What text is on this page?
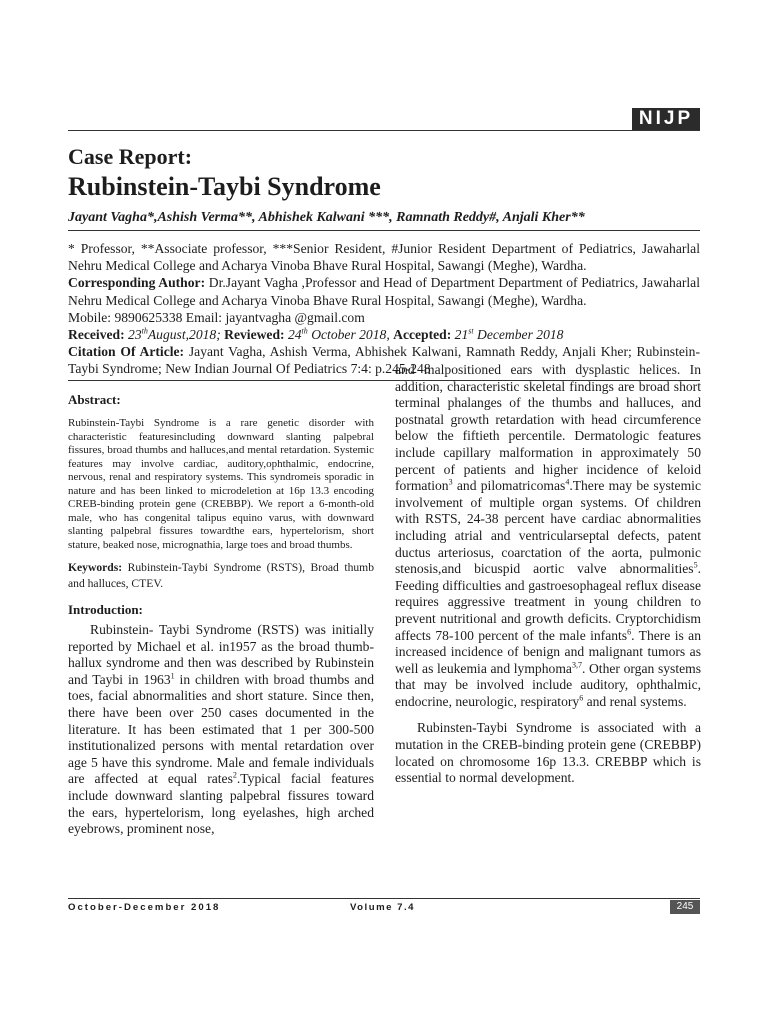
NIJP
Case Report:
Rubinstein-Taybi Syndrome
Jayant Vagha*,Ashish Verma**, Abhishek Kalwani ***, Ramnath Reddy#, Anjali Kher**

* Professor, **Associate professor, ***Senior Resident, #Junior Resident Department of Pediatrics, Jawaharlal Nehru Medical College and Acharya Vinoba Bhave Rural Hospital, Sawangi (Meghe), Wardha.

Corresponding Author: Dr.Jayant Vagha ,Professor and Head of Department Department of Pediatrics, Jawaharlal Nehru Medical College and Acharya Vinoba Bhave Rural Hospital, Sawangi (Meghe), Wardha.

Mobile: 9890625338 Email: jayantvagha @gmail.com

Received: 23thAugust,2018; Reviewed: 24th October 2018, Accepted: 21st December 2018

Citation Of Article: Jayant Vagha, Ashish Verma, Abhishek Kalwani, Ramnath Reddy, Anjali Kher; Rubinstein-Taybi Syndrome; New Indian Journal Of Pediatrics 7:4: p.245-248

Abstract:
Rubinstein-Taybi Syndrome is a rare genetic disorder with characteristic featuresincluding downward slanting palpebral fissures, broad thumbs and halluces,and mental retardation. Systemic features may involve cardiac, auditory,ophthalmic, endocrine, nervous, renal and respiratory systems. This syndromeis sporadic in nature and has been linked to microdeletion at 16p 13.3 encoding CREB-binding protein gene (CREBBP). We report a 6-month-old male, who has congenital talipus equino varus, with downward slanting palpebral fissures towardthe ears, hypertelorism, short stature, beaked nose, micrognathia, large toes and broad thumbs.
Keywords: Rubinstein-Taybi Syndrome (RSTS), Broad thumb and halluces, CTEV.
Introduction:
Rubinstein- Taybi Syndrome (RSTS) was initially reported by Michael et al. in1957 as the broad thumb-hallux syndrome and then was described by Rubinstein and Taybi in 1963$^1$ in children with broad thumbs and toes, facial abnormalities and short stature. Since then, there have been over 250 cases documented in the literature. It has been estimated that 1 per 300-500 institutionalized persons with mental retardation over age 5 have this syndrome. Male and female individuals are affected at equal rates$^2$.Typical facial features include downward slanting palpebral fissures toward the ears, hypertelorism, long eyelashes, high arched eyebrows, prominent nose,
and malpositioned ears with dysplastic helices. In addition, characteristic skeletal findings are broad short terminal phalanges of the thumbs and halluces, and postnatal growth retardation with head circumference below the fiftieth percentile. Dermatologic features include capillary malformation in approximately 50 percent of patients and higher incidence of keloid formation$^3$ and pilomatricomas$^4$.There may be systemic involvement of multiple organ systems. Of children with RSTS, 24-38 percent have cardiac abnormalities including atrial and ventricularseptal defects, patent ductus arteriosus, coarctation of the aorta, pulmonic stenosis,and bicuspid aortic valve abnormalities$^5$. Feeding difficulties and gastroesophageal reflux disease requires aggressive treatment in young children to prevent nutritional and growth deficits. Cryptorchidism affects 78-100 percent of the male infants$^6$. There is an increased incidence of benign and malignant tumors as well as leukemia and lymphoma$^{3,7}$. Other organ systems that may be involved include auditory, ophthalmic, endocrine, neurologic, respiratory$^6$ and renal systems.
Rubinsten-Taybi Syndrome is associated with a mutation in the CREB-binding protein gene (CREBBP) located on chromosome 16p 13.3. CREBBP which is essential to normal development.
October-December 2018	Volume 7.4	245
